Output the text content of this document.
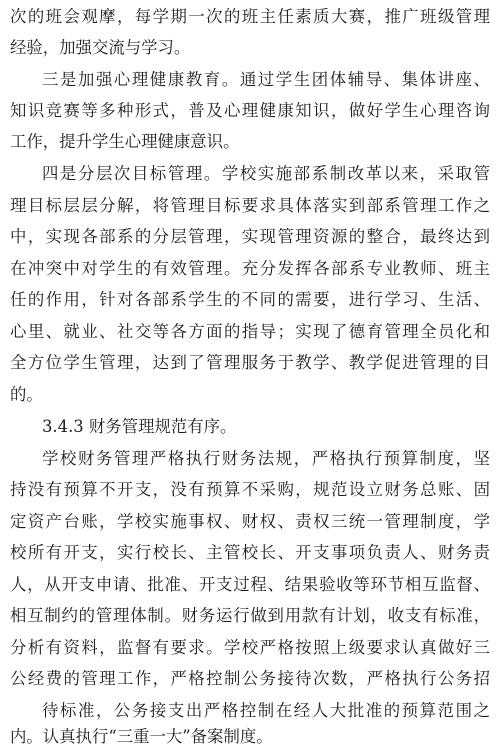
次的班会观摩，每学期一次的班主任素质大赛，推广班级管理
经验，加强交流与学习。
三是加强心理健康教育。通过学生团体辅导、集体讲座、
知识竞赛等多种形式，普及心理健康知识，做好学生心理咨询
工作，提升学生心理健康意识。
四是分层次目标管理。学校实施部系制改革以来，采取管
理目标层层分解，将管理目标要求具体落实到部系管理工作之
中，实现各部系的分层管理，实现管理资源的整合，最终达到
在冲突中对学生的有效管理。充分发挥各部系专业教师、班主
任的作用，针对各部系学生的不同的需要，进行学习、生活、
心里、就业、社交等各方面的指导；实现了德育管理全员化和
全方位学生管理，达到了管理服务于教学、教学促进管理的目
的。
3.4.3 财务管理规范有序。
学校财务管理严格执行财务法规，严格执行预算制度，坚
持没有预算不开支，没有预算不采购，规范设立财务总账、固
定资产台账，学校实施事权、财权、责权三统一管理制度，学
校所有开支，实行校长、主管校长、开支事项负责人、财务责
人，从开支申请、批准、开支过程、结果验收等环节相互监督、
相互制约的管理体制。财务运行做到用款有计划，收支有标准，
分析有资料，监督有要求。学校严格按照上级要求认真做好三
公经费的管理工作，严格控制公务接待次数，严格执行公务招
待标准，公务接支出严格控制在经人大批准的预算范围之
内。认真执行“三重一大”备案制度。
